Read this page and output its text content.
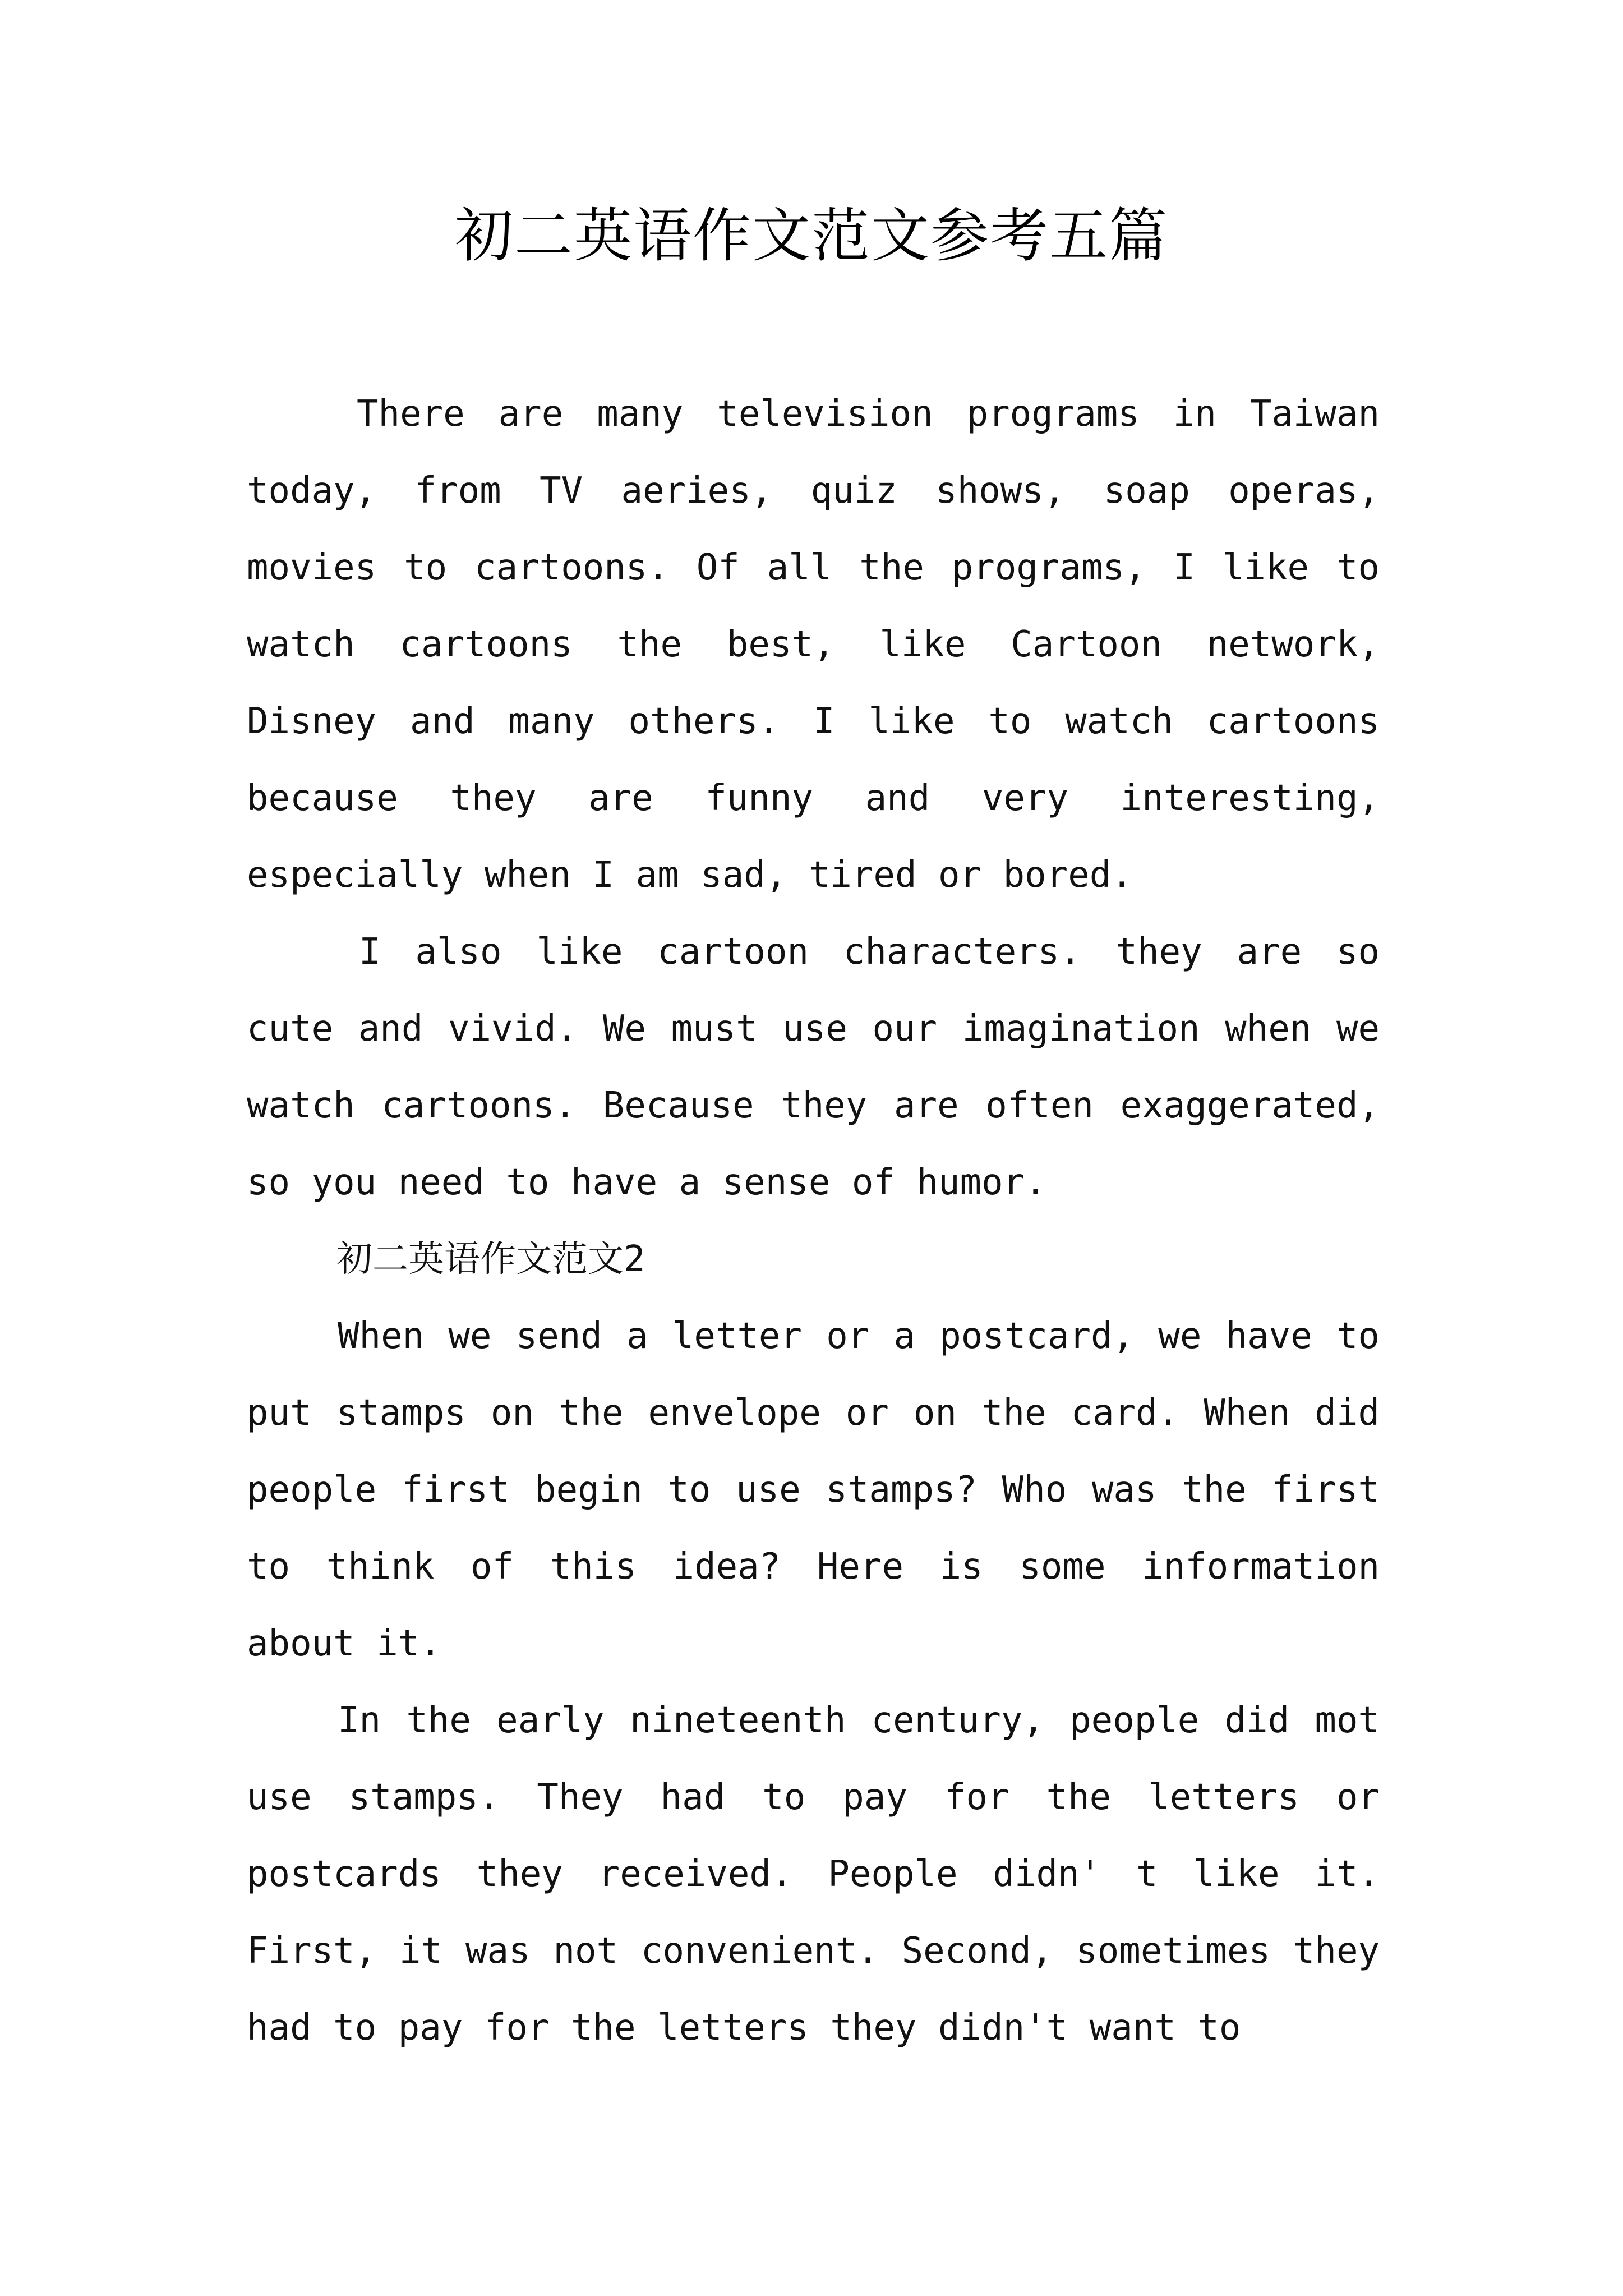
初二英语作文范文参考五篇

There are many television programs in Taiwan today, from TV aeries, quiz shows, soap operas, movies to cartoons. Of all the programs, I like to watch cartoons the best, like Cartoon network, Disney and many others. I like to watch cartoons because they are funny and very interesting, especially when I am sad, tired or bored.

I also like cartoon characters. they are so cute and vivid. We must use our imagination when we watch cartoons. Because they are often exaggerated, so you need to have a sense of humor.

初二英语作文范文2

When we send a letter or a postcard, we have to put stamps on the envelope or on the card. When did people first begin to use stamps? Who was the first to think of this idea? Here is some information about it.

In the early nineteenth century, people did mot use stamps. They had to pay for the letters or postcards they received. People didn' t like it. First, it was not convenient. Second, sometimes they had to pay for the letters they didn't want to
